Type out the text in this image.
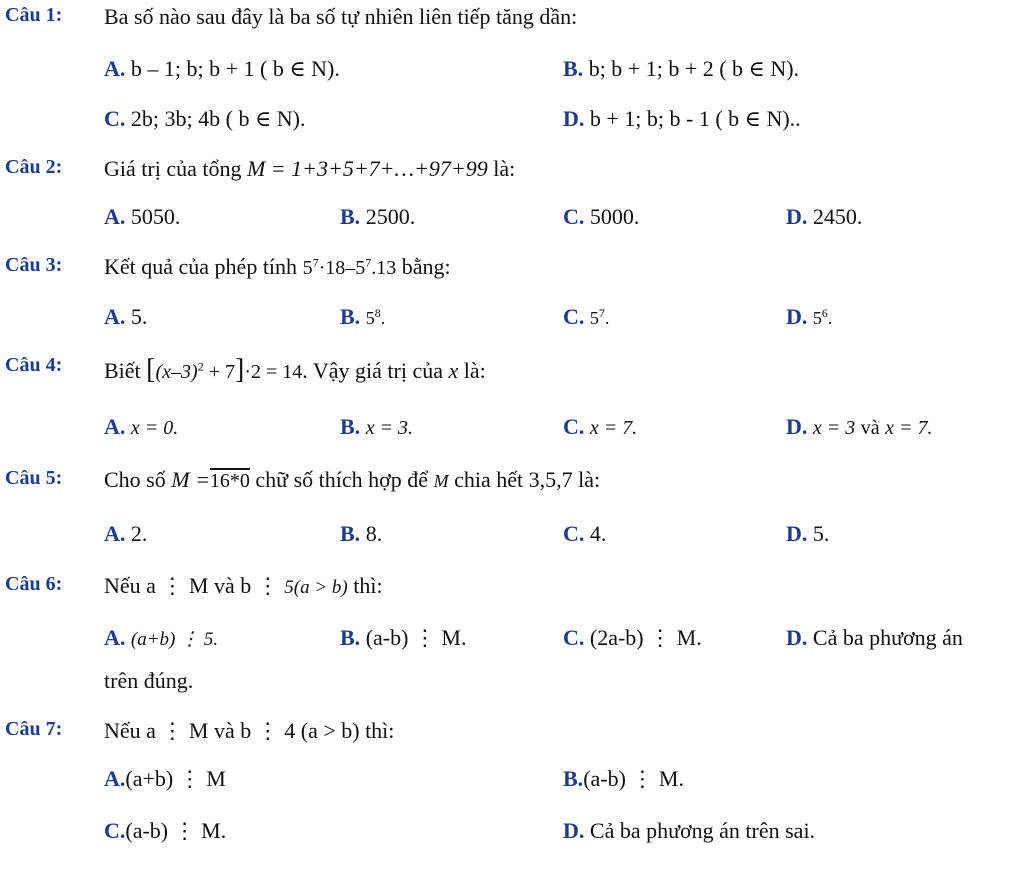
Câu 1: Ba số nào sau đây là ba số tự nhiên liên tiếp tăng dần:
A. b – 1; b; b + 1 ( b ∈ N).	B. b; b + 1; b + 2 ( b ∈ N).
C. 2b; 3b; 4b ( b ∈ N).	D. b + 1; b; b - 1 ( b ∈ N)..
Câu 2: Giá trị của tổng M = 1+3+5+7+…+97+99 là:
A. 5050.	B. 2500.	C. 5000.	D. 2450.
Câu 3: Kết quả của phép tính $5^7\cdot 18-5^7.13$ bằng:
A. 5.	B. $5^8$.	C. $5^7$.	D. $5^6$.
Câu 4: Biết $[(x-3)^2 + 7]\cdot 2 = 14$. Vậy giá trị của x là:
A. x = 0.	B. x = 3.	C. x = 7.	D. x = 3 và x = 7.
Câu 5: Cho số M =16*0 chữ số thích hợp để M chia hết 3,5,7 là:
A. 2.	B. 8.	C. 4.	D. 5.
Câu 6: Nếu a ⋮ M và b ⋮ 5(a > b) thì:
A. (a+b) ⋮ 5.	B. (a-b) ⋮ M.	C. (2a-b) ⋮ M.	D. Cả ba phương án
trên đúng.
Câu 7: Nếu a ⋮ M và b ⋮ 4 (a > b) thì:
A.(a+b) ⋮ M	B.(a-b) ⋮ M.
C.(a-b) ⋮ M.	D. Cả ba phương án trên sai.
